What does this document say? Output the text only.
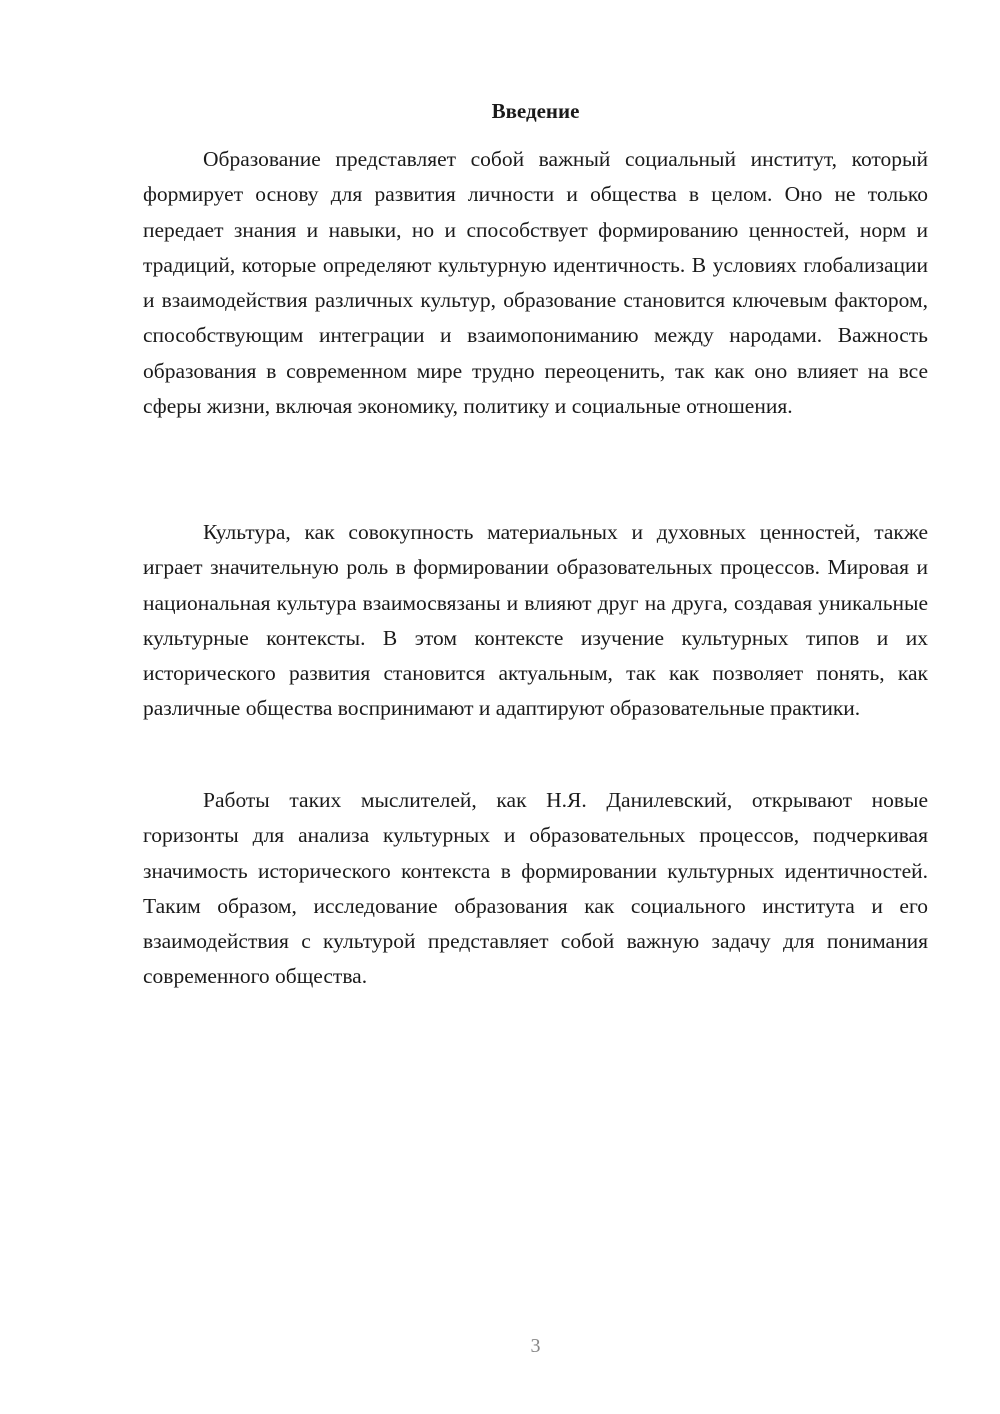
Введение

Образование представляет собой важный социальный институт, который формирует основу для развития личности и общества в целом. Оно не только передает знания и навыки, но и способствует формированию ценностей, норм и традиций, которые определяют культурную идентичность. В условиях глобализации и взаимодействия различных культур, образование становится ключевым фактором, способствующим интеграции и взаимопониманию между народами. Важность образования в современном мире трудно переоценить, так как оно влияет на все сферы жизни, включая экономику, политику и социальные отношения.

Культура, как совокупность материальных и духовных ценностей, также играет значительную роль в формировании образовательных процессов. Мировая и национальная культура взаимосвязаны и влияют друг на друга, создавая уникальные культурные контексты. В этом контексте изучение культурных типов и их исторического развития становится актуальным, так как позволяет понять, как различные общества воспринимают и адаптируют образовательные практики.

Работы таких мыслителей, как Н.Я. Данилевский, открывают новые горизонты для анализа культурных и образовательных процессов, подчеркивая значимость исторического контекста в формировании культурных идентичностей. Таким образом, исследование образования как социального института и его взаимодействия с культурой представляет собой важную задачу для понимания современного общества.

3
